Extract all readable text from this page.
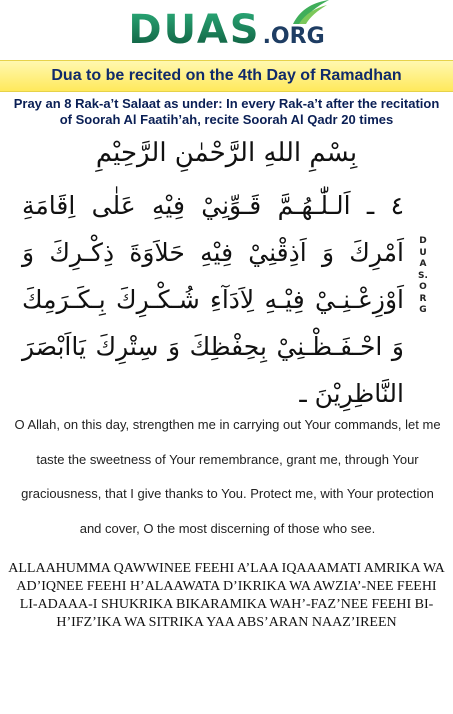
DUAS .ORG
Dua to be recited on the 4th Day of Ramadhan
Pray an 8 Rak-a’t Salaat as under: In every Rak-a’t after the recitation of Soorah Al Faatih’ah, recite Soorah Al Qadr 20 times
بِسْمِ اللهِ الرَّحْمٰنِ الرَّحِيْمِ
٤ ـ اَلـلّٰـهُـمَّ قَـوِّنِيْ فِيْهِ عَلٰى اِقَامَةِ اَمْرِكَ وَ اَذِقْنِيْ فِيْهِ حَلاَوَةَ ذِكْـرِكَ وَ اَوْزِعْـنِـيْ فِيْـهِ لِاَدَآءِ شُـكْـرِكَ بِـكَـرَمِكَ وَ احْـفَـظْـنِيْ بِحِفْظِكَ وَ سِتْرِكَ يَااَبْصَرَ النَّاظِرِيْنَ ـ
DUAS.ORG
O Allah, on this day, strengthen me in carrying out Your commands, let me taste the sweetness of Your remembrance, grant me, through Your graciousness, that I give thanks to You. Protect me, with Your protection and cover, O the most discerning of those who see.
ALLAAHUMMA QAWWINEE FEEHI A’LAA IQAAAMATI AMRIKA WA AD’IQNEE FEEHI H’ALAAWATA D’IKRIKA WA AWZIA’-NEE FEEHI LI-ADAAA-I SHUKRIKA BIKARAMIKA WAH’-FAZ’NEE FEEHI BI-H’IFZ’IKA WA SITRIKA YAA ABS’ARAN NAAZ’IREEN
